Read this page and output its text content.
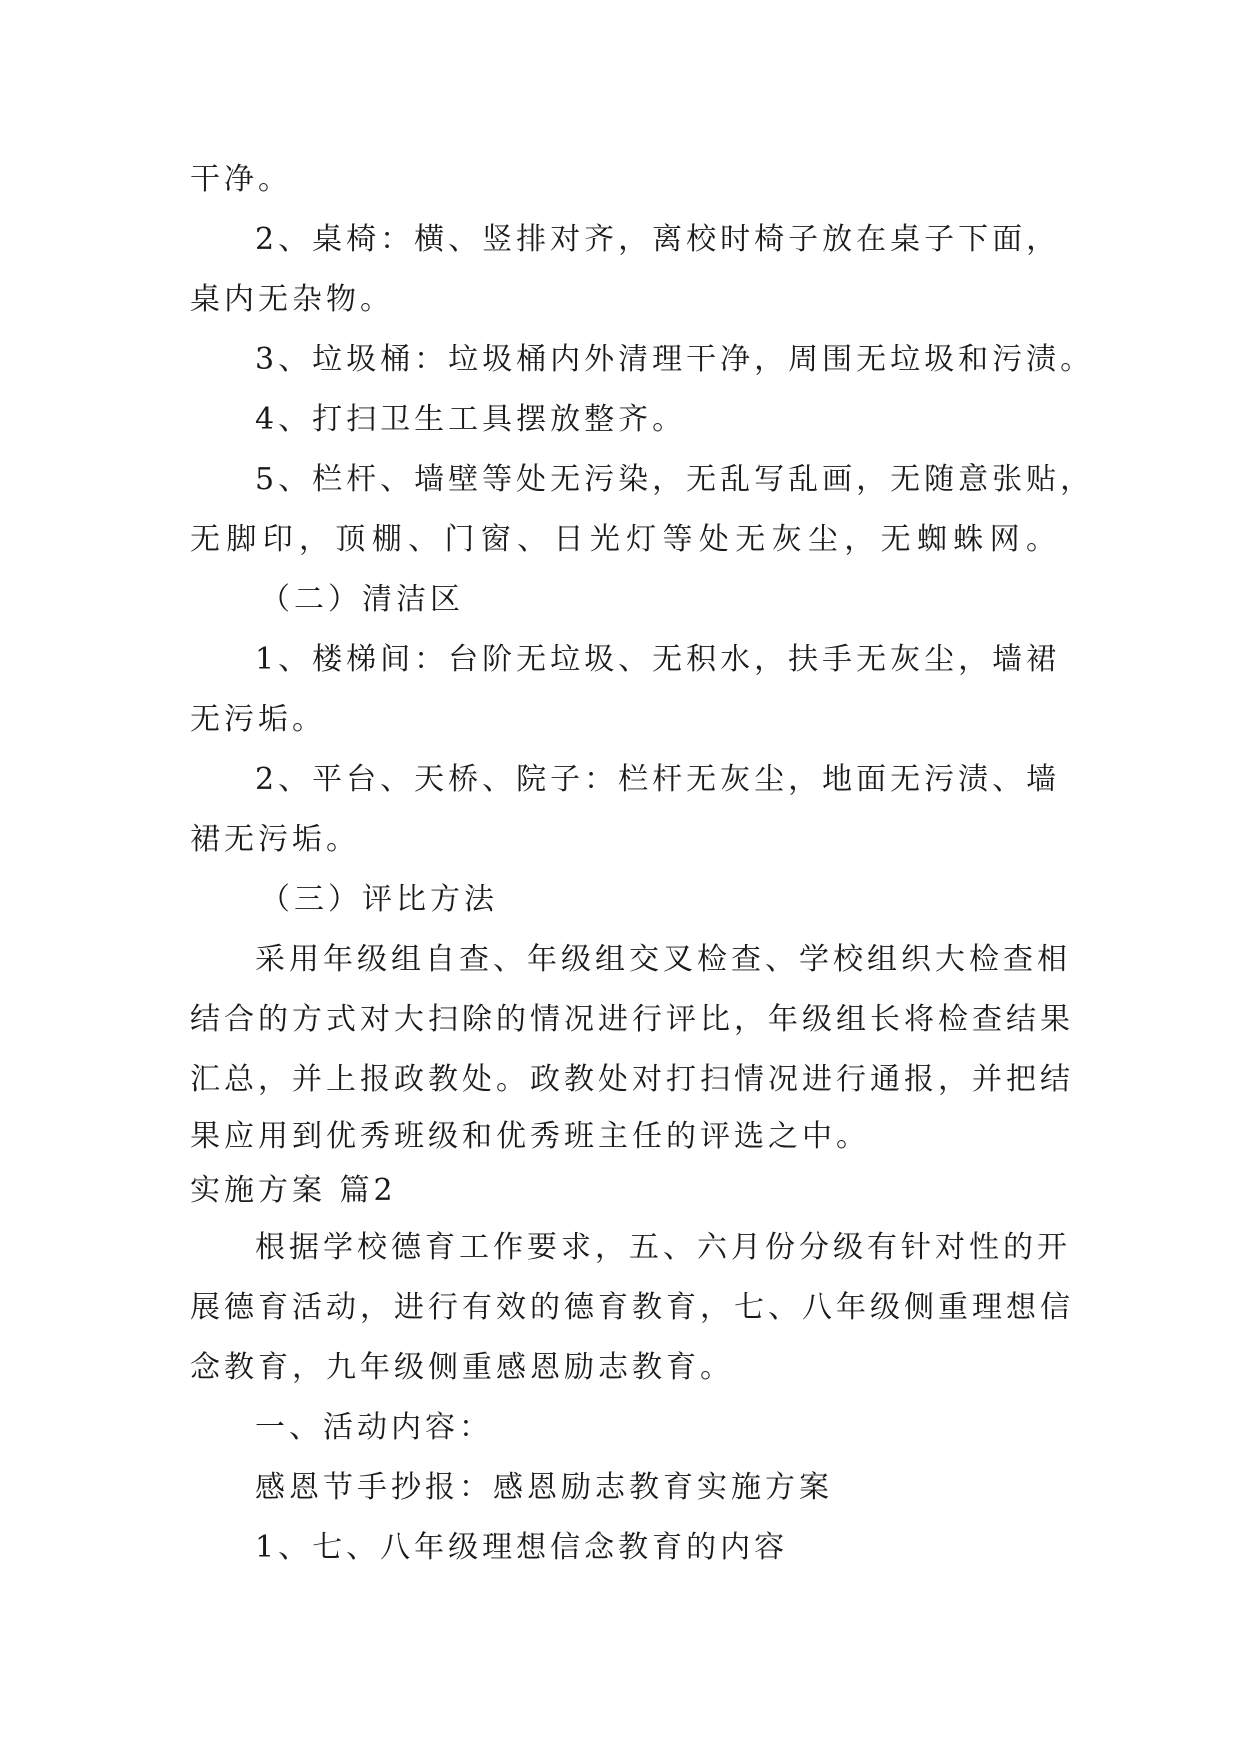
干净。
2、桌椅：横、竖排对齐，离校时椅子放在桌子下面，
桌内无杂物。
3、垃圾桶：垃圾桶内外清理干净，周围无垃圾和污渍。
4、打扫卫生工具摆放整齐。
5、栏杆、墙壁等处无污染，无乱写乱画，无随意张贴，
无脚印，顶棚、门窗、日光灯等处无灰尘，无蜘蛛网。
（二）清洁区
1、楼梯间：台阶无垃圾、无积水，扶手无灰尘，墙裙
无污垢。
2、平台、天桥、院子：栏杆无灰尘，地面无污渍、墙
裙无污垢。
（三）评比方法
采用年级组自查、年级组交叉检查、学校组织大检查相
结合的方式对大扫除的情况进行评比，年级组长将检查结果
汇总，并上报政教处。政教处对打扫情况进行通报，并把结
果应用到优秀班级和优秀班主任的评选之中。
实施方案 篇2
根据学校德育工作要求，五、六月份分级有针对性的开
展德育活动，进行有效的德育教育，七、八年级侧重理想信
念教育，九年级侧重感恩励志教育。
一、活动内容：
感恩节手抄报：感恩励志教育实施方案
1、七、八年级理想信念教育的内容
